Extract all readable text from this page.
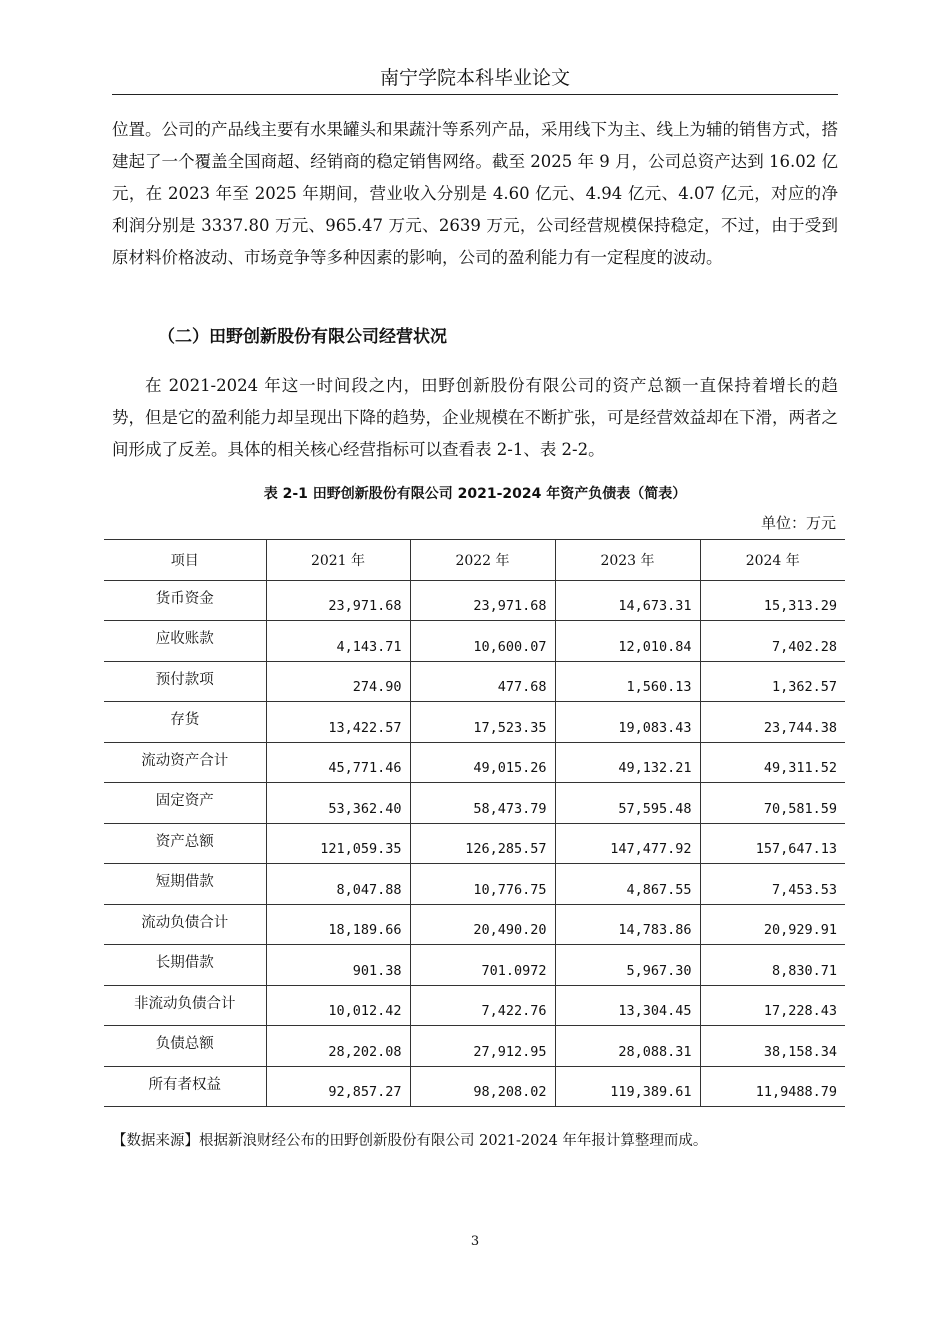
南宁学院本科毕业论文

位置。公司的产品线主要有水果罐头和果蔬汁等系列产品，采用线下为主、线上为辅的销售方式，搭建起了一个覆盖全国商超、经销商的稳定销售网络。截至 2025 年 9 月，公司总资产达到 16.02 亿元，在 2023 年至 2025 年期间，营业收入分别是 4.60 亿元、4.94 亿元、4.07 亿元，对应的净利润分别是 3337.80 万元、965.47 万元、2639 万元，公司经营规模保持稳定，不过，由于受到原材料价格波动、市场竞争等多种因素的影响，公司的盈利能力有一定程度的波动。

（二）田野创新股份有限公司经营状况

在 2021-2024 年这一时间段之内，田野创新股份有限公司的资产总额一直保持着增长的趋势，但是它的盈利能力却呈现出下降的趋势，企业规模在不断扩张，可是经营效益却在下滑，两者之间形成了反差。具体的相关核心经营指标可以查看表 2-1、表 2-2。

表 2-1 田野创新股份有限公司 2021-2024 年资产负债表（简表）
单位：万元
项目	2021 年	2022 年	2023 年	2024 年
货币资金	23,971.68	23,971.68	14,673.31	15,313.29
应收账款	4,143.71	10,600.07	12,010.84	7,402.28
预付款项	274.90	477.68	1,560.13	1,362.57
存货	13,422.57	17,523.35	19,083.43	23,744.38
流动资产合计	45,771.46	49,015.26	49,132.21	49,311.52
固定资产	53,362.40	58,473.79	57,595.48	70,581.59
资产总额	121,059.35	126,285.57	147,477.92	157,647.13
短期借款	8,047.88	10,776.75	4,867.55	7,453.53
流动负债合计	18,189.66	20,490.20	14,783.86	20,929.91
长期借款	901.38	701.0972	5,967.30	8,830.71
非流动负债合计	10,012.42	7,422.76	13,304.45	17,228.43
负债总额	28,202.08	27,912.95	28,088.31	38,158.34
所有者权益	92,857.27	98,208.02	119,389.61	11,9488.79
【数据来源】根据新浪财经公布的田野创新股份有限公司 2021-2024 年年报计算整理而成。
3
